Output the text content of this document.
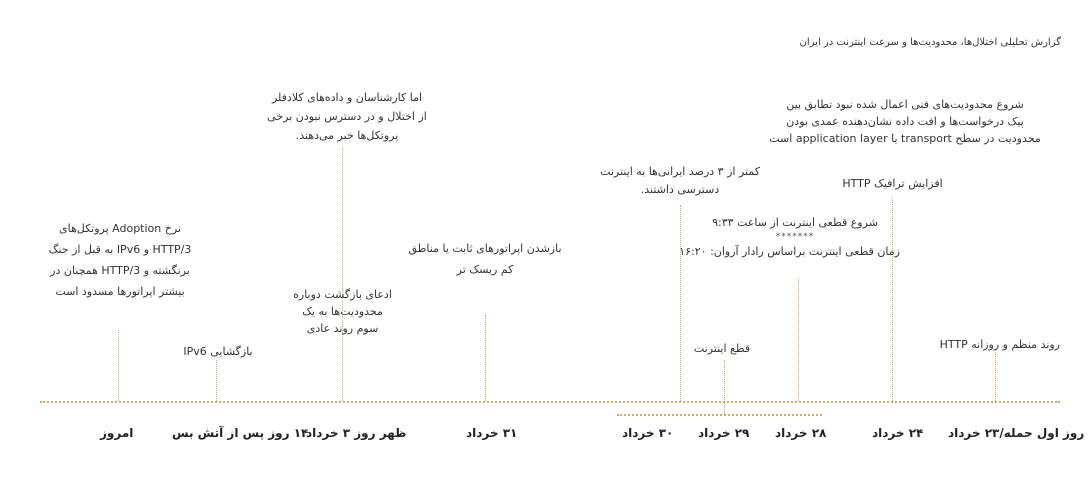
گزارش تحلیلی اختلال‌ها، محدودیت‌ها و سرعت اینترنت در ایران
روند منظم و روزانه HTTP
افزایش ترافیک HTTP
شروع محدودیت‌های فنی اعمال شده نبود تطابق بین
پیک درخواست‌ها و افت داده نشان‌دهنده عمدی بودن
محدودیت در سطح transport یا application layer است
شروع قطعی اینترنت از ساعت ۹:۳۳
*******
زمان قطعی اینترنت براساس رادار آروان: ۱۶:۲۰
قطع اینترنت
کمتر از ۳ درصد ایرانی‌ها به اینترنت
دسترسی داشتند.
بازشدن اپراتورهای ثابت یا مناطق
کم ریسک تر
اما کارشناسان و داده‌های کلادفلر
از اختلال و در دسترس نبودن برخی
پروتکل‌ها خبر می‌دهند.
ادعای بازگشت دوباره
محدودیت‌ها به یک
سوم روند عادی
بازگشایی IPv6
نرخ Adoption پروتکل‌های
HTTP/3 و IPv6 به قبل از جنگ
برنگشته و HTTP/3 همچنان در
بیشتر اپراتورها مسدود است
روز اول حمله/۲۳ خرداد
۲۴ خرداد
۲۸ خرداد
۲۹ خرداد
۳۰ خرداد
۳۱ خرداد
ظهر روز ۳ خرداد
۱۴ روز پس از آتش بس
امروز
